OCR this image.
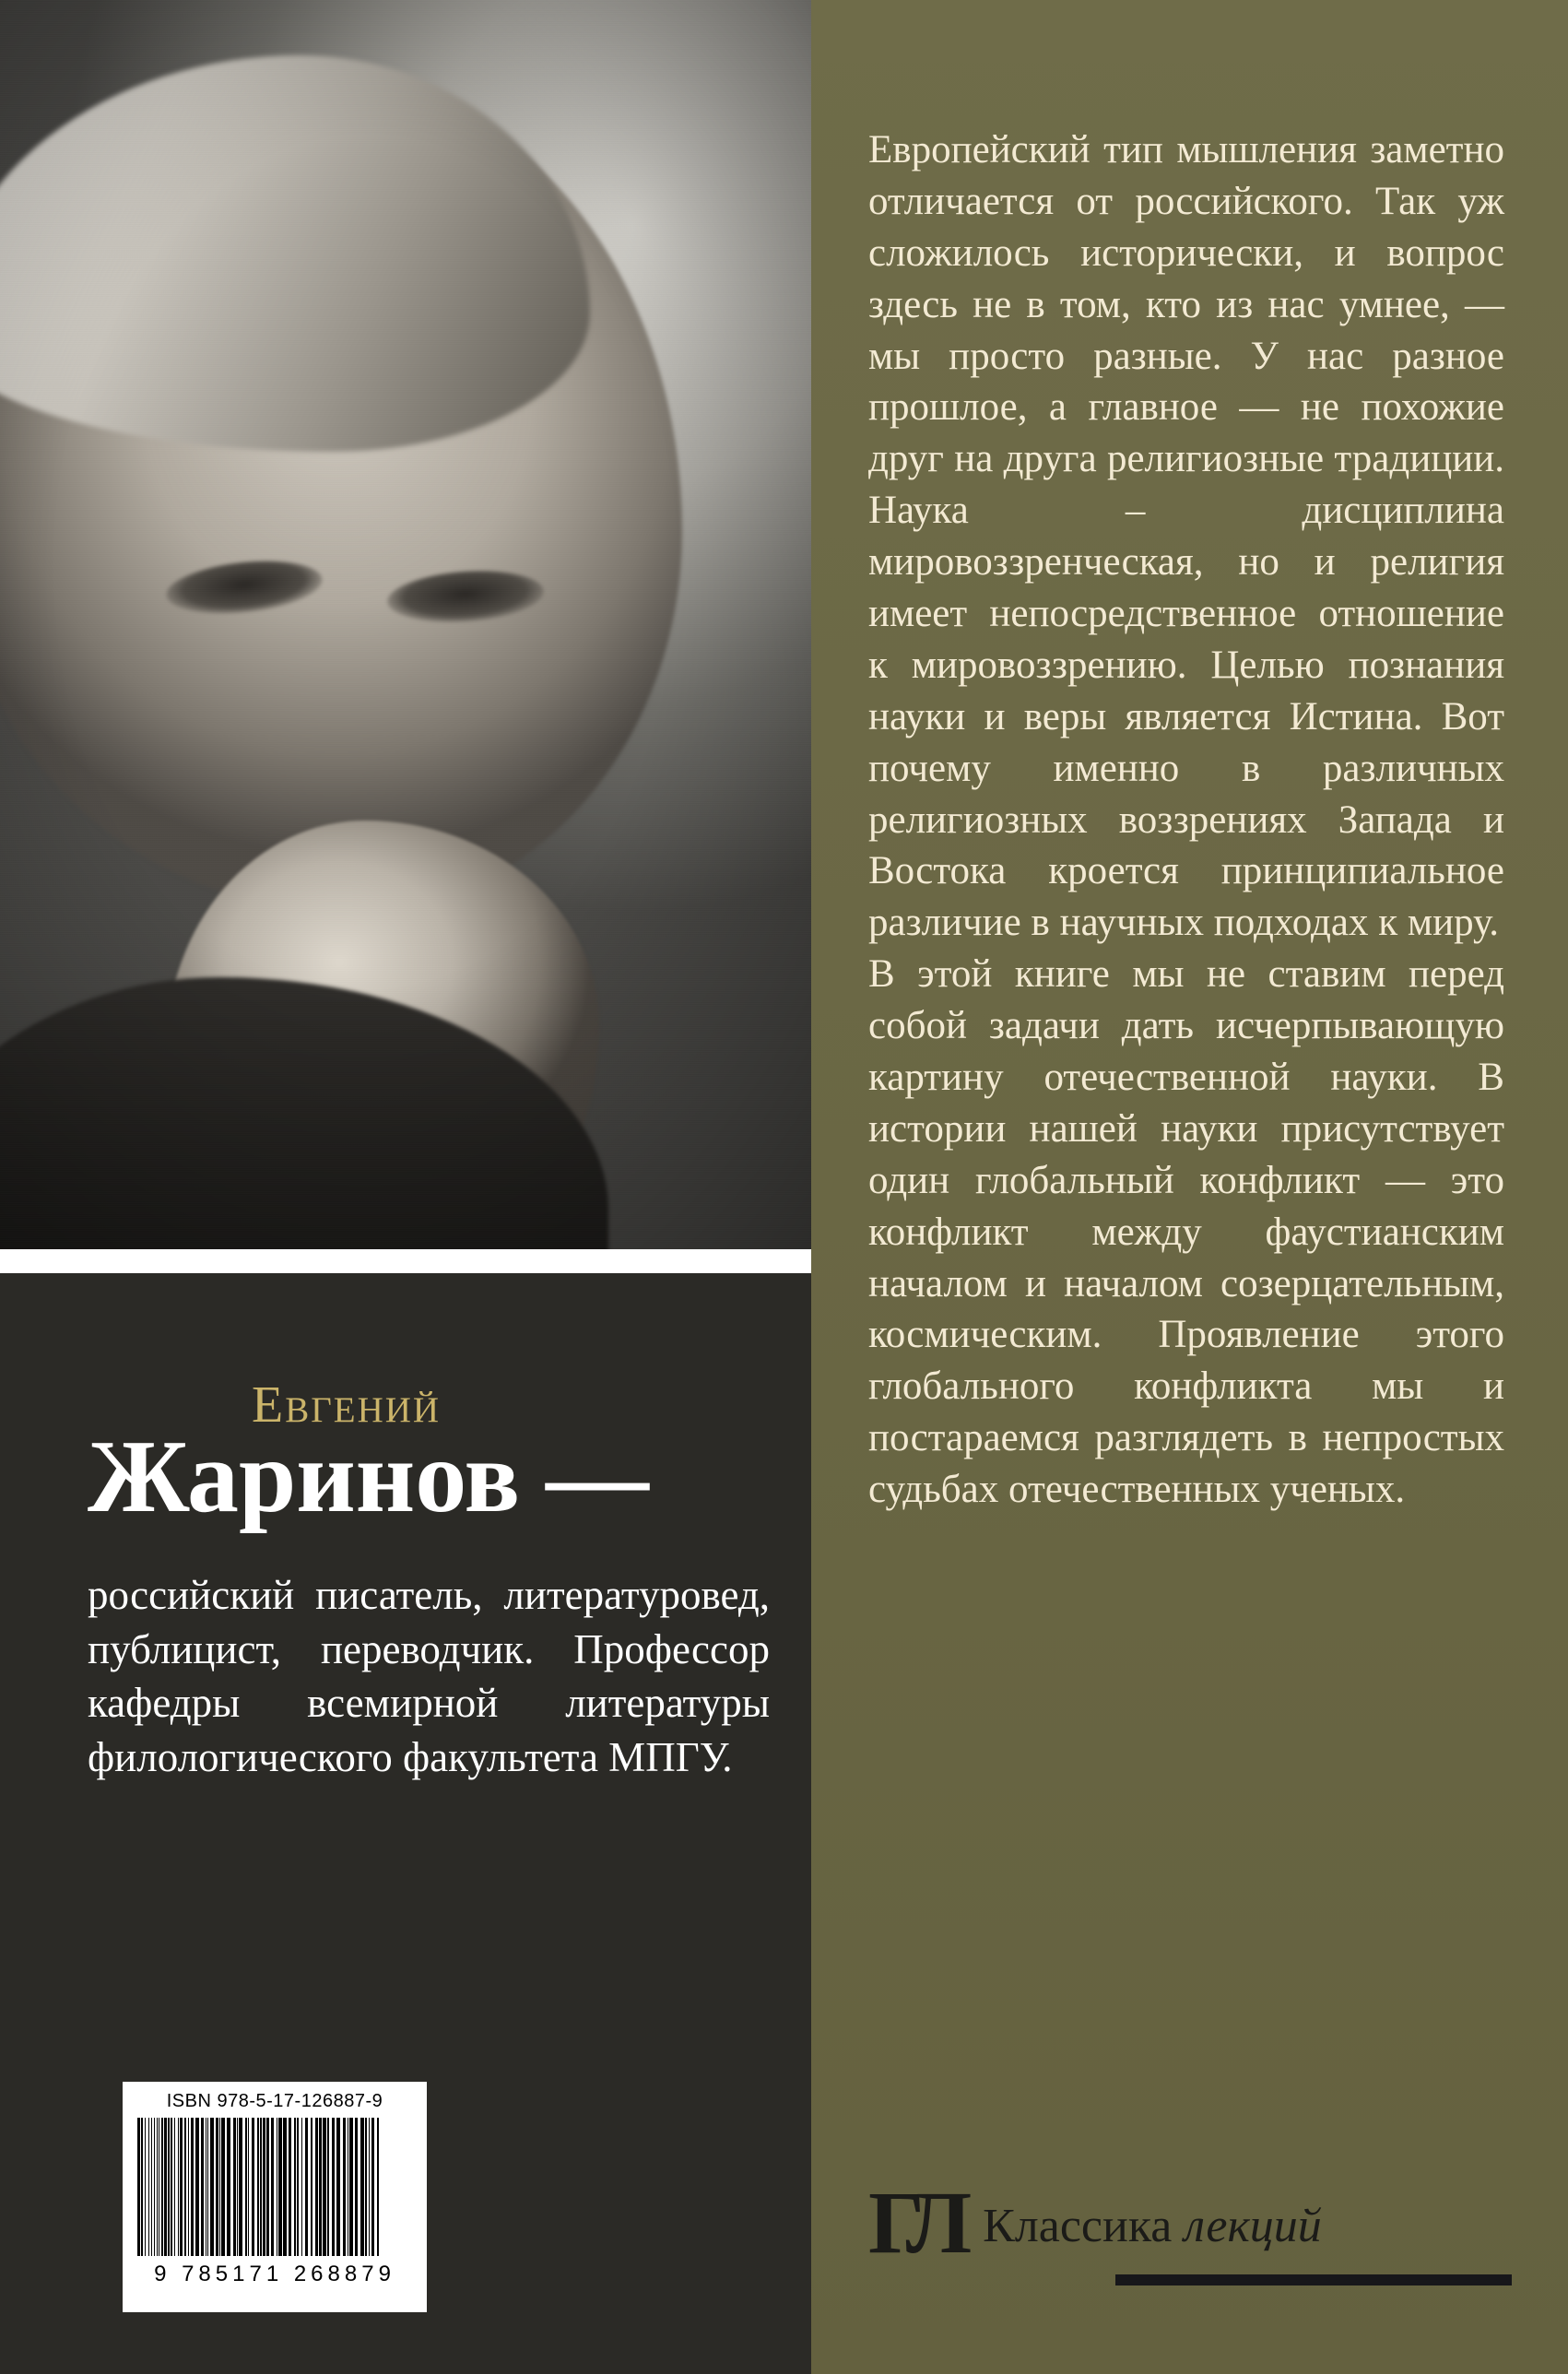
Евгений
Жаринов —
российский писатель, литературовед, публицист, переводчик. Профессор кафедры всемирной литературы филологического факультета МПГУ.
ISBN 978-5-17-126887-9
9 785171 268879

Европейский тип мышления заметно отличается от российского. Так уж сложилось исторически, и вопрос здесь не в том, кто из нас умнее, — мы просто разные. У нас разное прошлое, а главное — не похожие друг на друга религиозные традиции. Наука – дисциплина мировоззренческая, но и религия имеет непосредственное отношение к мировоззрению. Целью познания науки и веры является Истина. Вот почему именно в различных религиозных воззрениях Запада и Востока кроется принципиальное различие в научных подходах к миру.

В этой книге мы не ставим перед собой задачи дать исчерпывающую картину отечественной науки. В истории нашей науки присутствует один глобальный конфликт — это конфликт между фаустианским началом и началом созерцательным, космическим. Проявление этого глобального конфликта мы и постараемся разглядеть в непростых судьбах отечественных ученых.

ГЛ Классика лекций
